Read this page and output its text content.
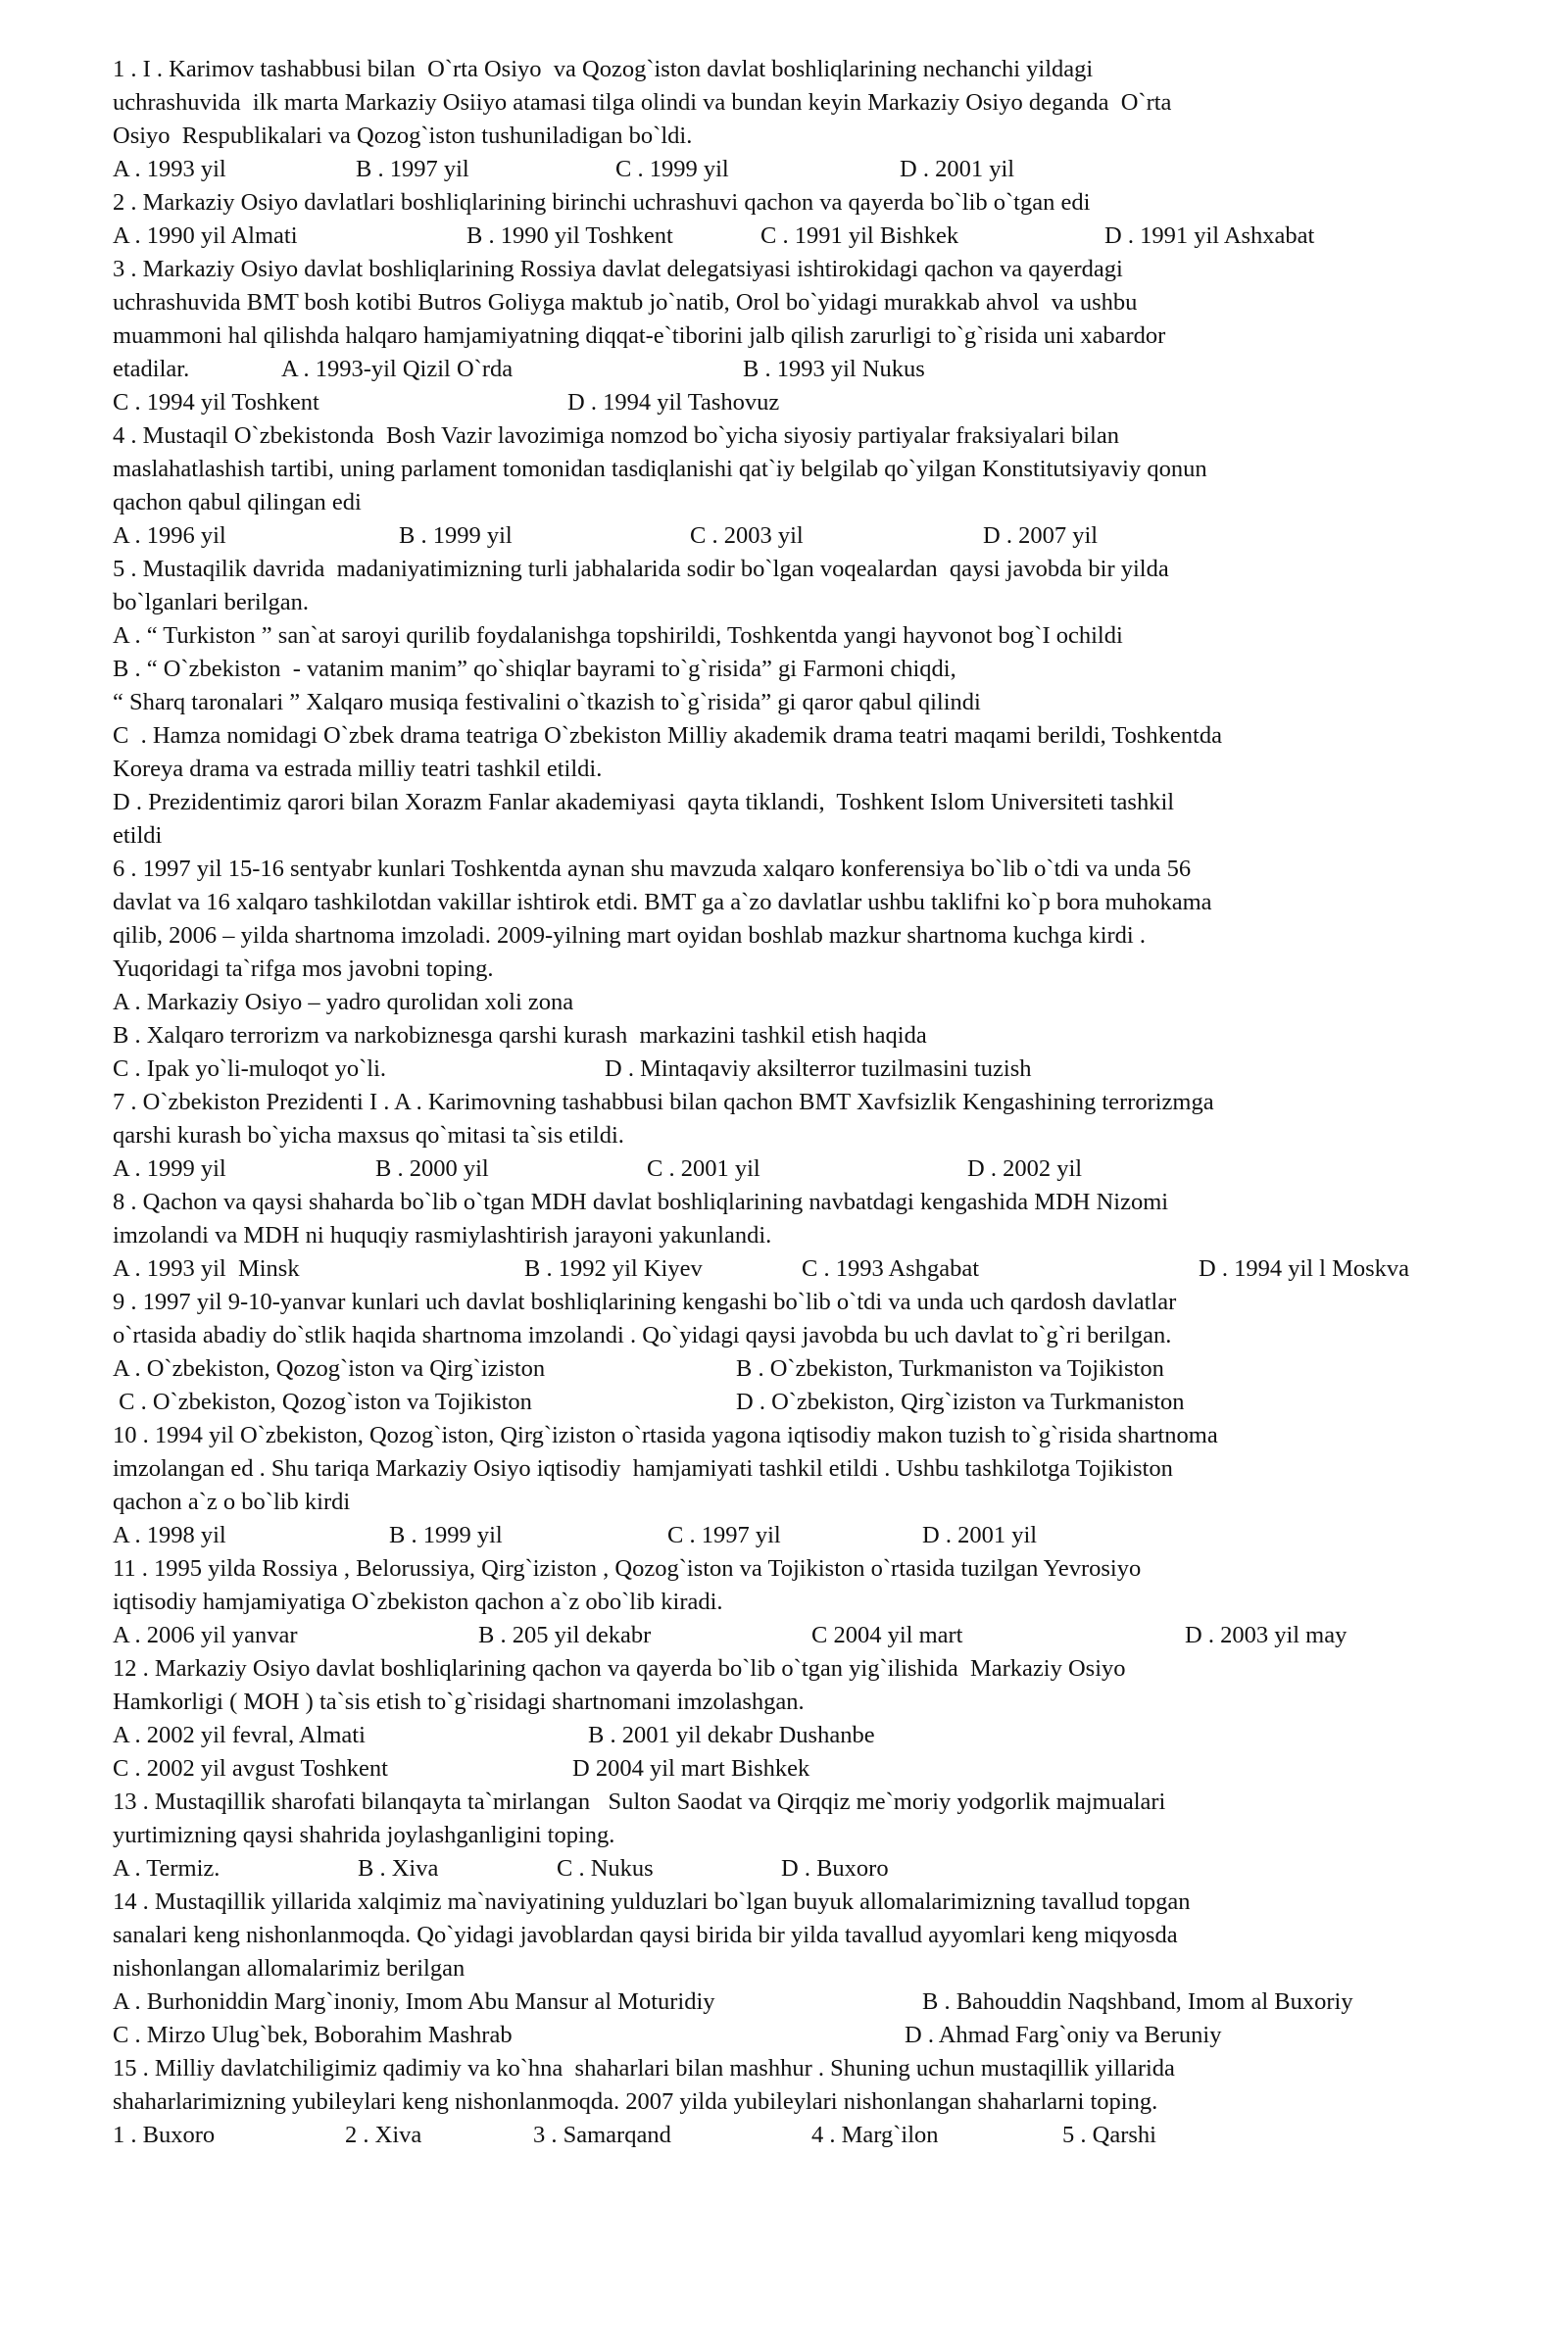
1 . I . Karimov tashabbusi bilan  O`rta Osiyo  va Qozog`iston davlat boshliqlarining nechanchi yildagi
uchrashuvida  ilk marta Markaziy Osiiyo atamasi tilga olindi va bundan keyin Markaziy Osiyo deganda  O`rta
Osiyo  Respublikalari va Qozog`iston tushuniladigan bo`ldi.

A . 1993 yil

	B . 1997 yil

	C . 1999 yil

	D . 2001 yil

2 . Markaziy Osiyo davlatlari boshliqlarining birinchi uchrashuvi qachon va qayerda bo`lib o`tgan edi

A . 1990 yil Almati

	B . 1990 yil Toshkent

	C . 1991 yil Bishkek

	D . 1991 yil Ashxabat

3 . Markaziy Osiyo davlat boshliqlarining Rossiya davlat delegatsiyasi ishtirokidagi qachon va qayerdagi
uchrashuvida BMT bosh kotibi Butros Goliyga maktub jo`natib, Orol bo`yidagi murakkab ahvol  va ushbu
muammoni hal qilishda halqaro hamjamiyatning diqqat-e`tiborini jalb qilish zarurligi to`g`risida uni xabardor

etadilar.

	A . 1993-yil Qizil O`rda

	B . 1993 yil Nukus

C . 1994 yil Toshkent

	D . 1994 yil Tashovuz

4 . Mustaqil O`zbekistonda  Bosh Vazir lavozimiga nomzod bo`yicha siyosiy partiyalar fraksiyalari bilan
maslahatlashish tartibi, uning parlament tomonidan tasdiqlanishi qat`iy belgilab qo`yilgan Konstitutsiyaviy qonun
qachon qabul qilingan edi

A . 1996 yil

	B . 1999 yil

	C . 2003 yil

	D . 2007 yil

5 . Mustaqilik davrida  madaniyatimizning turli jabhalarida sodir bo`lgan voqealardan  qaysi javobda bir yilda
bo`lganlari berilgan.
A . “ Turkiston ” san`at saroyi qurilib foydalanishga topshirildi, Toshkentda yangi hayvonot bog`I ochildi
B . “ O`zbekiston  - vatanim manim” qo`shiqlar bayrami to`g`risida” gi Farmoni chiqdi,
“ Sharq taronalari ” Xalqaro musiqa festivalini o`tkazish to`g`risida” gi qaror qabul qilindi
C  . Hamza nomidagi O`zbek drama teatriga O`zbekiston Milliy akademik drama teatri maqami berildi, Toshkentda
Koreya drama va estrada milliy teatri tashkil etildi.
D . Prezidentimiz qarori bilan Xorazm Fanlar akademiyasi  qayta tiklandi,  Toshkent Islom Universiteti tashkil
etildi
6 . 1997 yil 15-16 sentyabr kunlari Toshkentda aynan shu mavzuda xalqaro konferensiya bo`lib o`tdi va unda 56
davlat va 16 xalqaro tashkilotdan vakillar ishtirok etdi. BMT ga a`zo davlatlar ushbu taklifni ko`p bora muhokama
qilib, 2006 – yilda shartnoma imzoladi. 2009-yilning mart oyidan boshlab mazkur shartnoma kuchga kirdi .
Yuqoridagi ta`rifga mos javobni toping.
A . Markaziy Osiyo – yadro qurolidan xoli zona
B . Xalqaro terrorizm va narkobiznesga qarshi kurash  markazini tashkil etish haqida

C . Ipak yo`li-muloqot yo`li.

	D . Mintaqaviy aksilterror tuzilmasini tuzish

7 . O`zbekiston Prezidenti I . A . Karimovning tashabbusi bilan qachon BMT Xavfsizlik Kengashining terrorizmga
qarshi kurash bo`yicha maxsus qo`mitasi ta`sis etildi.

A . 1999 yil

	B . 2000 yil

	C . 2001 yil

	D . 2002 yil

8 . Qachon va qaysi shaharda bo`lib o`tgan MDH davlat boshliqlarining navbatdagi kengashida MDH Nizomi
imzolandi va MDH ni huquqiy rasmiylashtirish jarayoni yakunlandi.

A . 1993 yil  Minsk

	B . 1992 yil Kiyev

	C . 1993 Ashgabat

	D . 1994 yil l Moskva

9 . 1997 yil 9-10-yanvar kunlari uch davlat boshliqlarining kengashi bo`lib o`tdi va unda uch qardosh davlatlar
o`rtasida abadiy do`stlik haqida shartnoma imzolandi . Qo`yidagi qaysi javobda bu uch davlat to`g`ri berilgan.

A . O`zbekiston, Qozog`iston va Qirg`iziston

	B . O`zbekiston, Turkmaniston va Tojikiston

C . O`zbekiston, Qozog`iston va Tojikiston

	D . O`zbekiston, Qirg`iziston va Turkmaniston

10 . 1994 yil O`zbekiston, Qozog`iston, Qirg`iziston o`rtasida yagona iqtisodiy makon tuzish to`g`risida shartnoma
imzolangan ed . Shu tariqa Markaziy Osiyo iqtisodiy  hamjamiyati tashkil etildi . Ushbu tashkilotga Tojikiston
qachon a`z o bo`lib kirdi

A . 1998 yil

	B . 1999 yil

	C . 1997 yil

	D . 2001 yil

11 . 1995 yilda Rossiya , Belorussiya, Qirg`iziston , Qozog`iston va Tojikiston o`rtasida tuzilgan Yevrosiyo
iqtisodiy hamjamiyatiga O`zbekiston qachon a`z obo`lib kiradi.

A . 2006 yil yanvar

	B . 205 yil dekabr

	C 2004 yil mart

	D . 2003 yil may

12 . Markaziy Osiyo davlat boshliqlarining qachon va qayerda bo`lib o`tgan yig`ilishida  Markaziy Osiyo
Hamkorligi ( MOH ) ta`sis etish to`g`risidagi shartnomani imzolashgan.

A . 2002 yil fevral, Almati

	B . 2001 yil dekabr Dushanbe

C . 2002 yil avgust Toshkent

	D 2004 yil mart Bishkek

13 . Mustaqillik sharofati bilanqayta ta`mirlangan   Sulton Saodat va Qirqqiz me`moriy yodgorlik majmualari
yurtimizning qaysi shahrida joylashganligini toping.

A . Termiz.

	B . Xiva

	C . Nukus

	D . Buxoro

14 . Mustaqillik yillarida xalqimiz ma`naviyatining yulduzlari bo`lgan buyuk allomalarimizning tavallud topgan
sanalari keng nishonlanmoqda. Qo`yidagi javoblardan qaysi birida bir yilda tavallud ayyomlari keng miqyosda
nishonlangan allomalarimiz berilgan

A . Burhoniddin Marg`inoniy, Imom Abu Mansur al Moturidiy

	B . Bahouddin Naqshband, Imom al Buxoriy

C . Mirzo Ulug`bek, Boborahim Mashrab

	D . Ahmad Farg`oniy va Beruniy

15 . Milliy davlatchiligimiz qadimiy va ko`hna  shaharlari bilan mashhur . Shuning uchun mustaqillik yillarida
shaharlarimizning yubileylari keng nishonlanmoqda. 2007 yilda yubileylari nishonlangan shaharlarni toping.

1 . Buxoro

	2 . Xiva

	3 . Samarqand

	4 . Marg`ilon

	5 . Qarshi
